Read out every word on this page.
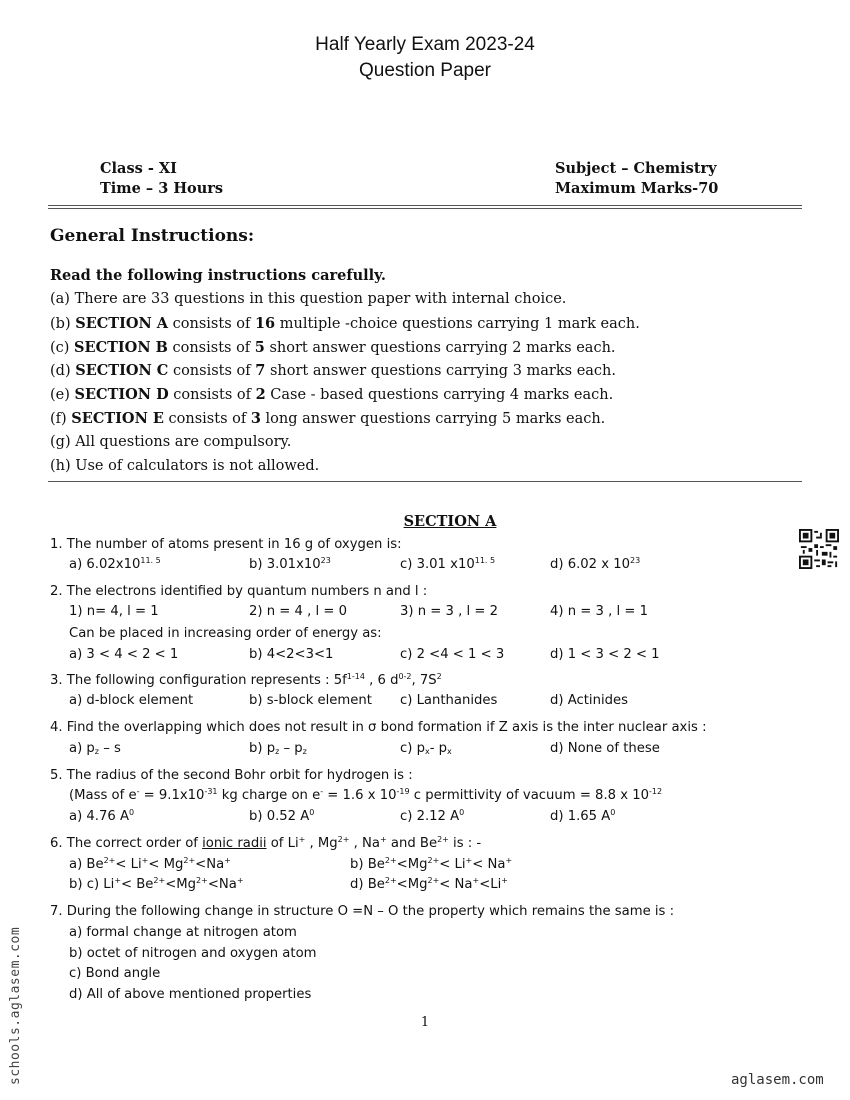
Half Yearly Exam 2023-24
Question Paper
Class - XI
Time – 3 Hours
Subject – Chemistry
Maximum Marks-70
General Instructions:
Read the following instructions carefully.
(a) There are 33 questions in this question paper with internal choice.
(b) SECTION A consists of 16 multiple -choice questions carrying 1 mark each.
(c) SECTION B consists of 5 short answer questions carrying 2 marks each.
(d) SECTION C consists of 7 short answer questions carrying 3 marks each.
(e) SECTION D consists of 2 Case - based questions carrying 4 marks each.
(f) SECTION E consists of 3 long answer questions carrying 5 marks each.
(g) All questions are compulsory.
(h) Use of calculators is not allowed.
SECTION A
1. The number of atoms present in 16 g of oxygen is:
a) $6.02x10^{11. 5}$	b) $3.01x10^{23}$	c) 3.01 $x10^{11. 5}$	d) 6.02 x $10^{23}$
2. The electrons identified by quantum numbers n and l :
1) n= 4, l = 1	2) n = 4 , l = 0	3) n = 3 , l = 2	4) n = 3 , l = 1
Can be placed in increasing order of energy as:
a) 3 < 4 < 2 < 1	b) 4<2<3<1	c) 2 <4 < 1 < 3	d) 1 < 3 < 2 < 1
3. The following configuration represents : $5f^{1-14}$ , 6 $d^{0-2}$, $7S^2$
a) d-block element	b) s-block element c) Lanthanides	d) Actinides
4. Find the overlapping which does not result in σ bond formation if Z axis is the inter nuclear axis :
a) $p_z$ – s	b) $p_z - p_z$	c) $p_x-$ $p_x$	d) None of these
5. The radius of the second Bohr orbit for hydrogen is :
(Mass of $e^- = 9.1x10^{-31}$ kg charge on e- = 1.6 x $10^{-19}$ c permittivity of vacuum = 8.8 x $10^{-12}$
a) 4.76 $A^0$	b) 0.52 $A^0$	c) 2.12 $A^0$	d) 1.65 $A^0$
6. The correct order of ionic radii of Li+ , $Mg^{2+}$ , Na+ and $Be^{2+}$ is : -
a) $Be^{2+}< Li^+< Mg^{2+}<Na^+$	b) $Be^{2+}<Mg^{2+}< Li^+< Na^+$
b) c) $Li^+< Be^{2+}<Mg^{2+}<Na^+$	d) $Be^{2+}<Mg^{2+}< Na^+<Li^+$
7. During the following change in structure O =N – O the property which remains the same is :
a) formal change at nitrogen atom
b) octet of nitrogen and oxygen atom
c) Bond angle
d) All of above mentioned properties
1
schools.aglasem.com	aglasem.com
